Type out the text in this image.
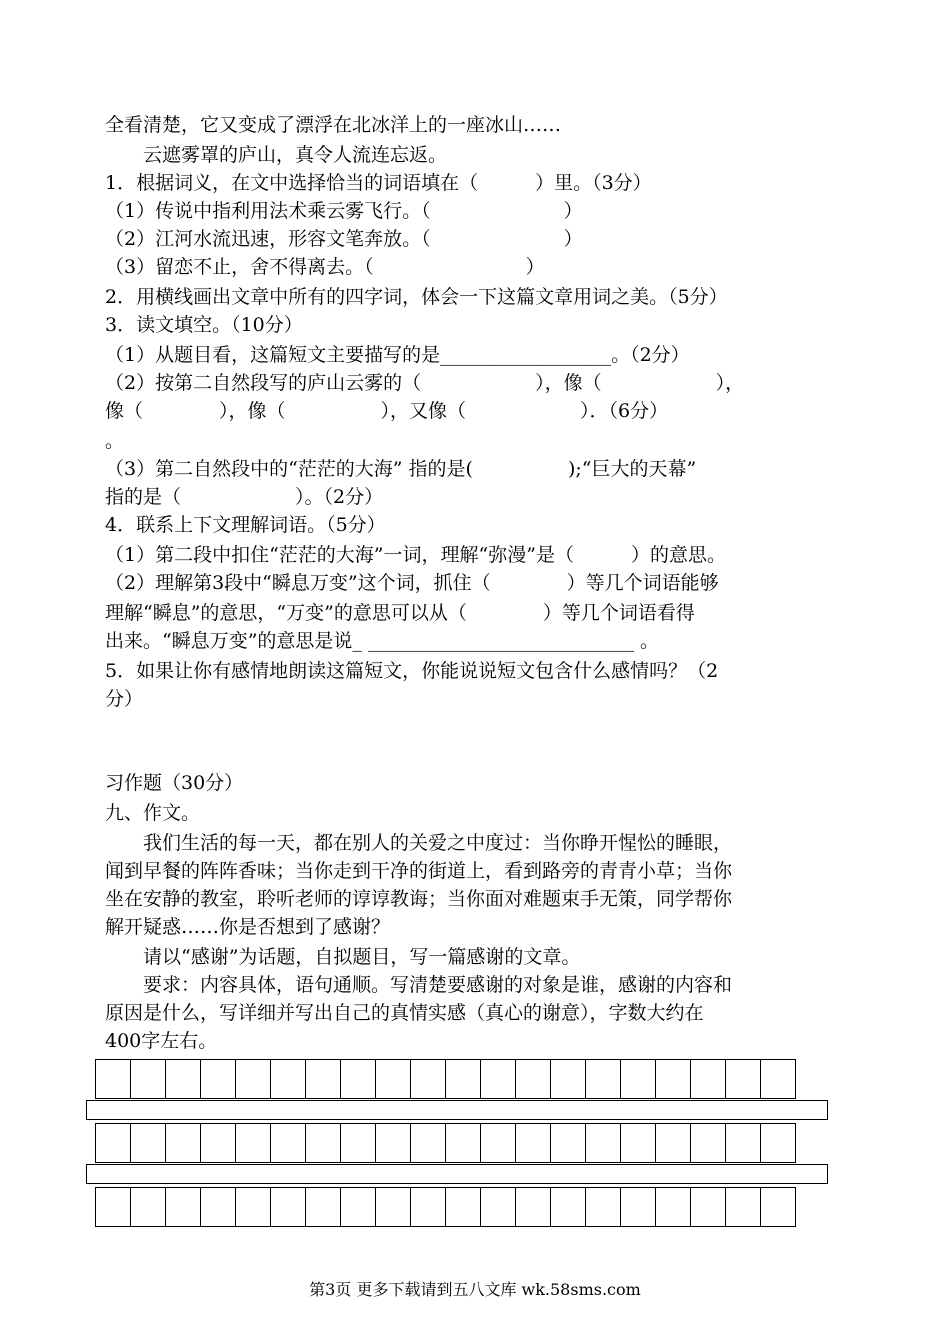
全看清楚，它又变成了漂浮在北冰洋上的一座冰山……
　　云遮雾罩的庐山，真令人流连忘返。
1．根据词义，在文中选择恰当的词语填在（　　　）里。（3分）
（1）传说中指利用法术乘云雾飞行。（　　　　　　　）
（2）江河水流迅速，形容文笔奔放。（　　　　　　　）
（3）留恋不止，舍不得离去。（　　　　　　　　）
2．用横线画出文章中所有的四字词，体会一下这篇文章用词之美。（5分）
3．读文填空。（10分）
（1）从题目看，这篇短文主要描写的是__________________。（2分）
（2）按第二自然段写的庐山云雾的（　　　　　　），像（　　　　　　），
像（　　　　），像（　　　　　），又像（　　　　　　）．（6分）
。
（3）第二自然段中的“茫茫的大海” 指的是(　　　　　);“巨大的天幕”
指的是（　　　　　　）。（2分）
4．联系上下文理解词语。（5分）
（1）第二段中扣住“茫茫的大海”一词，理解“弥漫”是（　　　）的意思。
（2）理解第3段中“瞬息万变”这个词，抓住（　　　　）等几个词语能够
理解“瞬息”的意思，“万变”的意思可以从（　　　　）等几个词语看得
出来。“瞬息万变”的意思是说_ ____________________________ 。
5．如果让你有感情地朗读这篇短文，你能说说短文包含什么感情吗？（2
分）
习作题（30分）
九、作文。
　　我们生活的每一天，都在别人的关爱之中度过：当你睁开惺忪的睡眼，
闻到早餐的阵阵香味；当你走到干净的街道上，看到路旁的青青小草；当你
坐在安静的教室，聆听老师的谆谆教诲；当你面对难题束手无策，同学帮你
解开疑惑……你是否想到了感谢？
　　请以“感谢”为话题，自拟题目，写一篇感谢的文章。
　　要求：内容具体，语句通顺。写清楚要感谢的对象是谁，感谢的内容和
原因是什么，写详细并写出自己的真情实感（真心的谢意），字数大约在
400字左右。

第3页 更多下载请到五八文库 wk.58sms.com
